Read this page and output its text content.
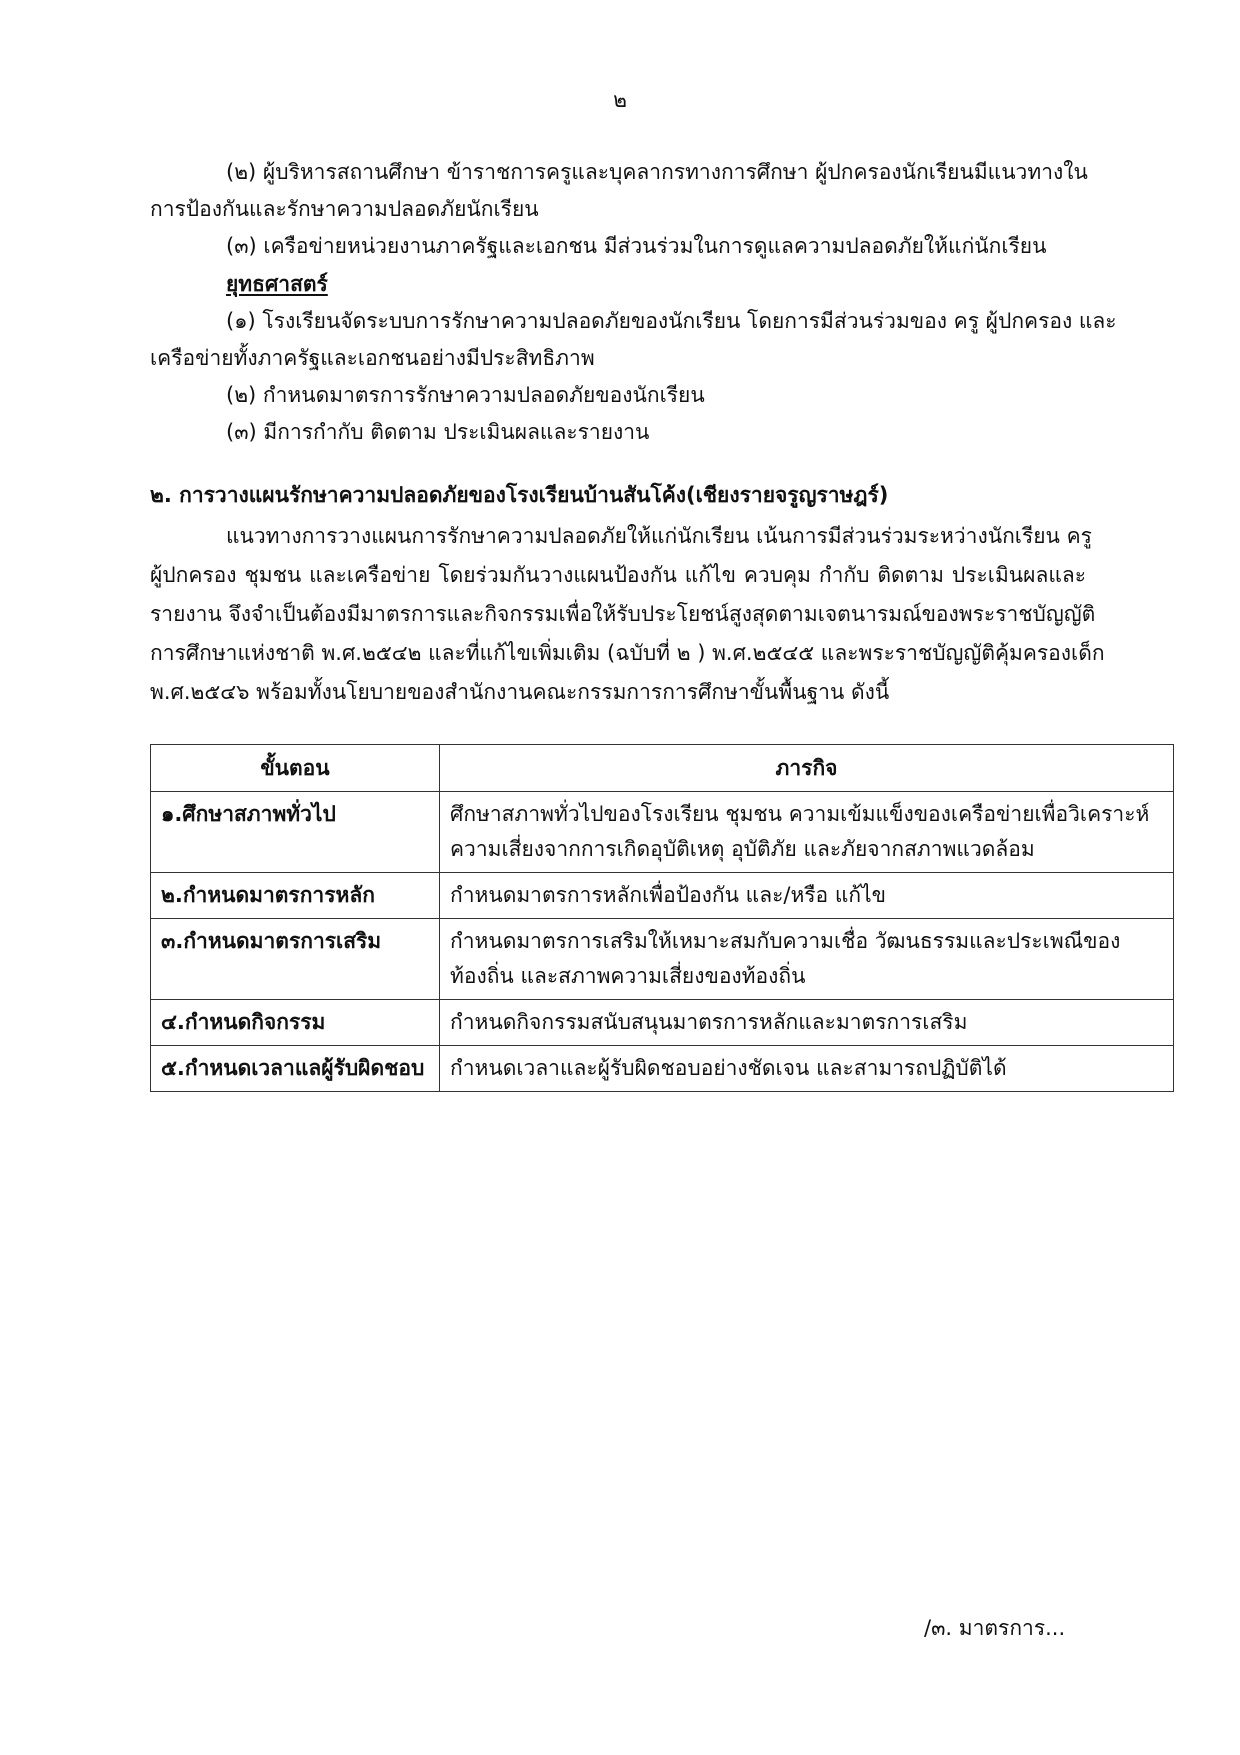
๒
(๒) ผู้บริหารสถานศึกษา ข้าราชการครูและบุคลากรทางการศึกษา ผู้ปกครองนักเรียนมีแนวทางใน
การป้องกันและรักษาความปลอดภัยนักเรียน
(๓) เครือข่ายหน่วยงานภาครัฐและเอกชน มีส่วนร่วมในการดูแลความปลอดภัยให้แก่นักเรียน
ยุทธศาสตร์
(๑) โรงเรียนจัดระบบการรักษาความปลอดภัยของนักเรียน โดยการมีส่วนร่วมของ ครู ผู้ปกครอง และ
เครือข่ายทั้งภาครัฐและเอกชนอย่างมีประสิทธิภาพ
(๒) กำหนดมาตรการรักษาความปลอดภัยของนักเรียน
(๓) มีการกำกับ ติดตาม ประเมินผลและรายงาน
๒. การวางแผนรักษาความปลอดภัยของโรงเรียนบ้านสันโค้ง(เชียงรายจรูญราษฎร์)
แนวทางการวางแผนการรักษาความปลอดภัยให้แก่นักเรียน เน้นการมีส่วนร่วมระหว่างนักเรียน ครู
ผู้ปกครอง ชุมชน และเครือข่าย โดยร่วมกันวางแผนป้องกัน แก้ไข ควบคุม กำกับ ติดตาม ประเมินผลและ
รายงาน จึงจำเป็นต้องมีมาตรการและกิจกรรมเพื่อให้รับประโยชน์สูงสุดตามเจตนารมณ์ของพระราชบัญญัติ
การศึกษาแห่งชาติ พ.ศ.๒๕๔๒ และที่แก้ไขเพิ่มเติม (ฉบับที่ ๒ ) พ.ศ.๒๕๔๕ และพระราชบัญญัติคุ้มครองเด็ก
พ.ศ.๒๕๔๖ พร้อมทั้งนโยบายของสำนักงานคณะกรรมการการศึกษาขั้นพื้นฐาน ดังนี้
ขั้นตอน	ภารกิจ
๑.ศึกษาสภาพทั่วไป	ศึกษาสภาพทั่วไปของโรงเรียน ชุมชน ความเข้มแข็งของเครือข่ายเพื่อวิเคราะห์
ความเสี่ยงจากการเกิดอุบัติเหตุ อุบัติภัย และภัยจากสภาพแวดล้อม

๒.กำหนดมาตรการหลัก	กำหนดมาตรการหลักเพื่อป้องกัน และ/หรือ แก้ไข

๓.กำหนดมาตรการเสริม	กำหนดมาตรการเสริมให้เหมาะสมกับความเชื่อ วัฒนธรรมและประเพณีของ
ท้องถิ่น และสภาพความเสี่ยงของท้องถิ่น

๔.กำหนดกิจกรรม	กำหนดกิจกรรมสนับสนุนมาตรการหลักและมาตรการเสริม

๕.กำหนดเวลาแลผู้รับผิดชอบ	กำหนดเวลาและผู้รับผิดชอบอย่างชัดเจน และสามารถปฏิบัติได้
/๓. มาตรการ...
